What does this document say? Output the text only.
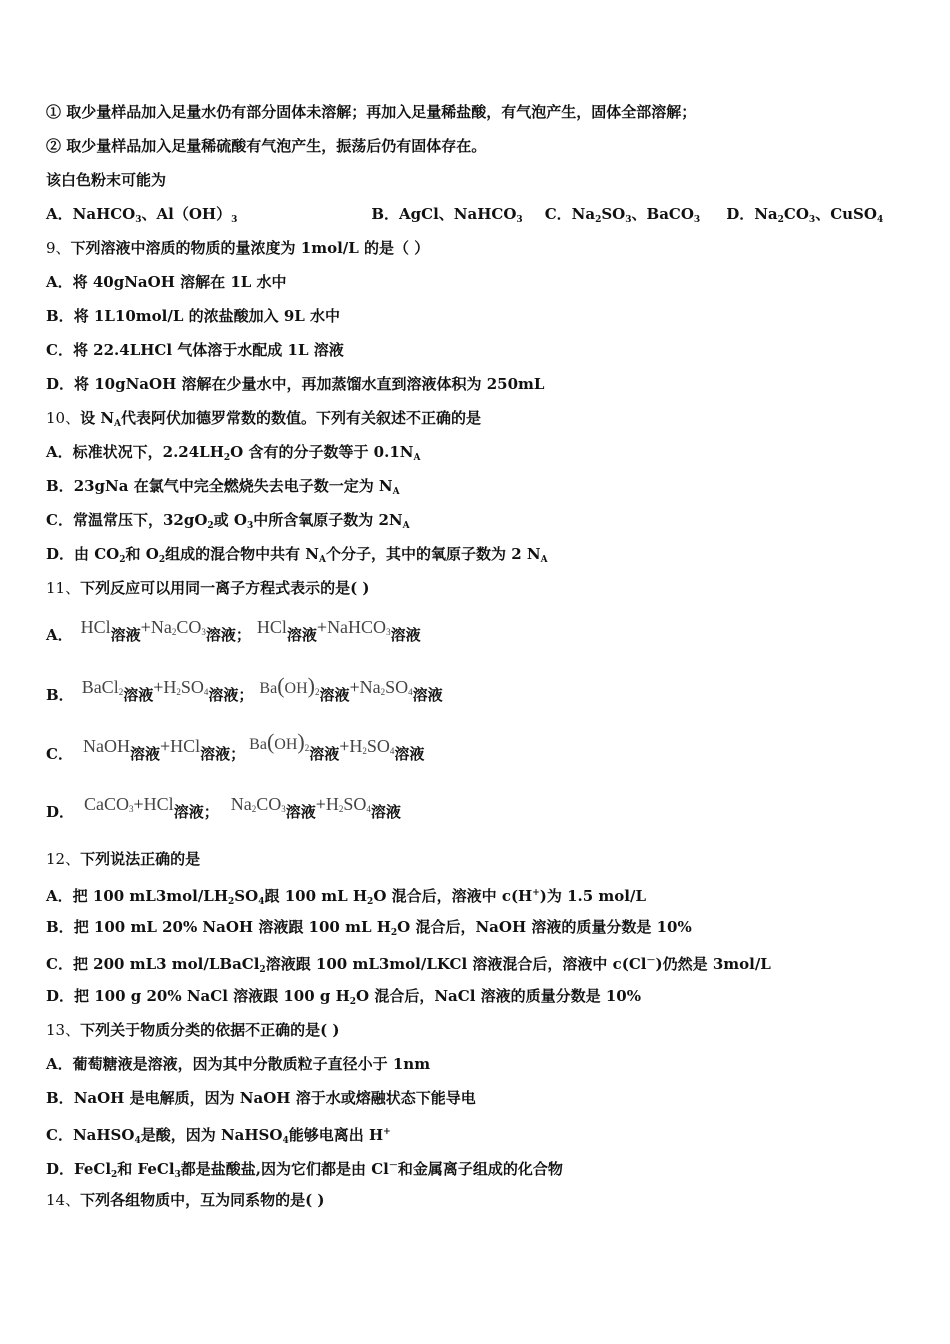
① 取少量样品加入足量水仍有部分固体未溶解；再加入足量稀盐酸，有气泡产生，固体全部溶解；
② 取少量样品加入足量稀硫酸有气泡产生，振荡后仍有固体存在。
该白色粉末可能为
A．NaHCO$_3$、$Al(OH)_3$	B．AgCl、NaHCO$_3$ C．$Na_2SO_3$、BaCO$_3$ D．$Na_2CO_3$、CuSO$_4$
9、下列溶液中溶质的物质的量浓度为 1mol/L 的是（ ）
A．将 40gNaOH 溶解在 1L 水中
B．将 1L10mol/L 的浓盐酸加入 9L 水中
C．将 22.4LHCl 气体溶于水配成 1L 溶液
D．将 10gNaOH 溶解在少量水中，再加蒸馏水直到溶液体积为 250mL
10、设 $N_A$代表阿伏加德罗常数的数值。下列有关叙述不正确的是
A．标准状况下，$2.24LH_2O$ 含有的分子数等于 $0.1N_A$
B．23gNa 在氯气中完全燃烧失去电子数一定为 $N_A$
C．常温常压下，$32gO_2$或 $O_3$中所含氧原子数为 $2N_A$
D．由 $CO_2$和 $O_2$组成的混合物中共有 $N_A$个分子，其中的氧原子数为 2 $N_A$
11、下列反应可以用同一离子方程式表示的是( )
A． HCl溶液$+Na_2CO_3$溶液； HCl溶液+NaHCO$_3$溶液
B． BaCl$_2$溶液$+H_2SO_4$溶液； $Ba(OH)_2$溶液$+Na_2SO_4$溶液
C． NaOH溶液+HCl溶液；$Ba(OH)_2$溶液$+H_2SO_4$溶液
D． CaCO$_3$+HCl溶液； $Na_2CO_3$溶液$+H_2SO_4$溶液
12、下列说法正确的是
A．把 100 $mL3mol/LH_2SO_4$跟 100 mL $H_2O$ 混合后，溶液中 c(H+)为 1.5 mol/L
B．把 100 mL 20% NaOH 溶液跟 100 mL $H_2O$ 混合后，NaOH 溶液的质量分数是 10%
C．把 200 mL3 mol/LBaCl$_2$溶液跟 100 mL3mol/LKCl 溶液混合后，溶液中 c(Cl－)仍然是 3mol/L
D．把 100 g 20% NaCl 溶液跟 100 g $H_2O$ 混合后，NaCl 溶液的质量分数是 10%
13、下列关于物质分类的依据不正确的是( )
A．葡萄糖液是溶液，因为其中分散质粒子直径小于 1nm
B．NaOH 是电解质，因为 NaOH 溶于水或熔融状态下能导电
C．NaHSO$_4$是酸，因为 NaHSO$_4$能够电离出 H+
D．FeCl$_2$和 FeCl$_3$都是盐酸盐,因为它们都是由 Cl－和金属离子组成的化合物
14、下列各组物质中，互为同系物的是( )
